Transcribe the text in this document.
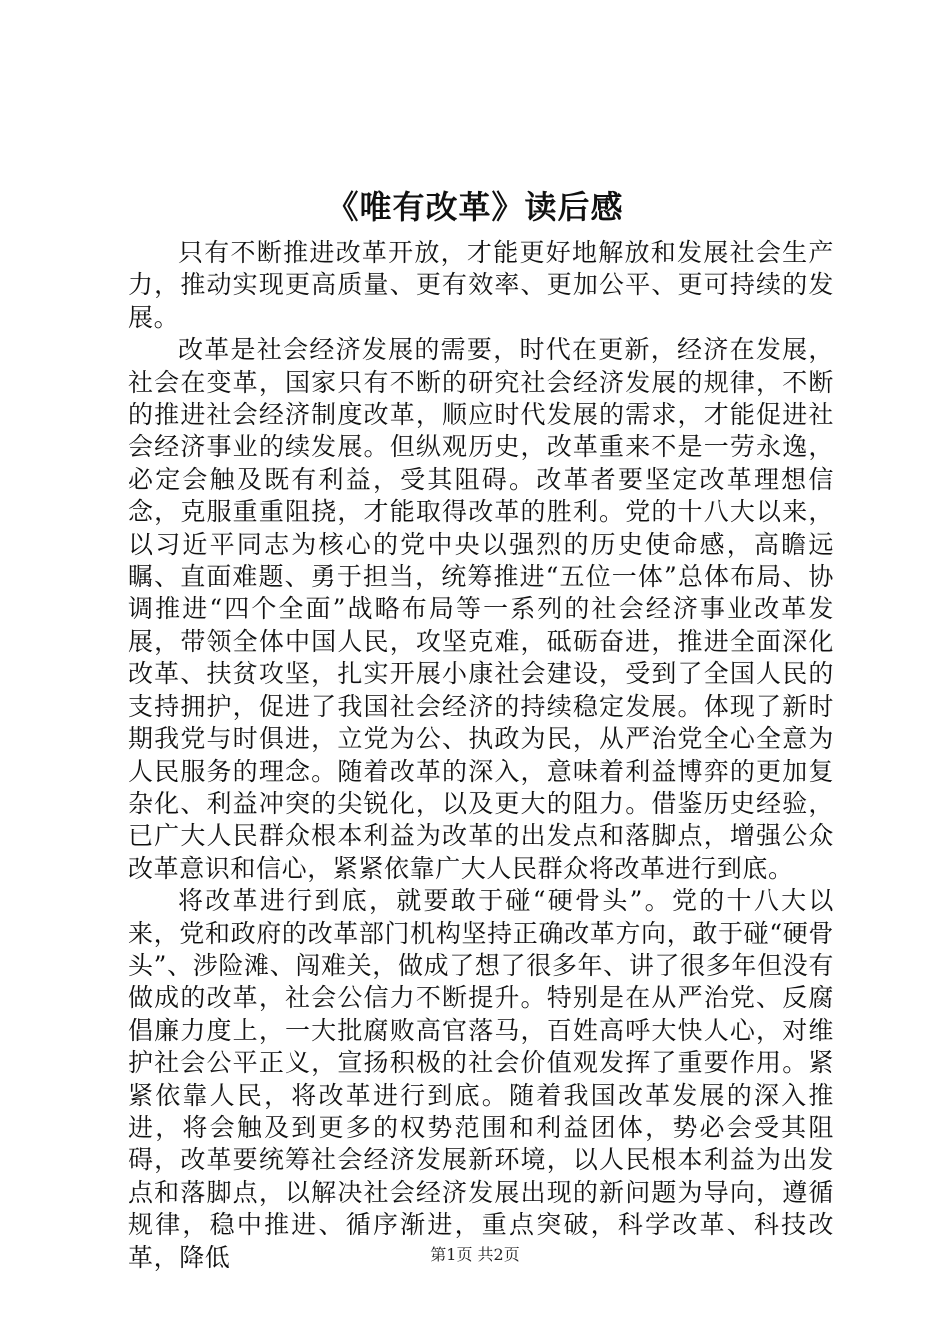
《唯有改革》读后感

只有不断推进改革开放，才能更好地解放和发展社会生产力，推动实现更高质量、更有效率、更加公平、更可持续的发展。

改革是社会经济发展的需要，时代在更新，经济在发展，社会在变革，国家只有不断的研究社会经济发展的规律，不断的推进社会经济制度改革，顺应时代发展的需求，才能促进社会经济事业的续发展。但纵观历史，改革重来不是一劳永逸，必定会触及既有利益，受其阻碍。改革者要坚定改革理想信念，克服重重阻挠，才能取得改革的胜利。党的十八大以来，以习近平同志为核心的党中央以强烈的历史使命感，高瞻远瞩、直面难题、勇于担当，统筹推进“五位一体”总体布局、协调推进“四个全面”战略布局等一系列的社会经济事业改革发展，带领全体中国人民，攻坚克难，砥砺奋进，推进全面深化改革、扶贫攻坚，扎实开展小康社会建设，受到了全国人民的支持拥护，促进了我国社会经济的持续稳定发展。体现了新时期我党与时俱进，立党为公、执政为民，从严治党全心全意为人民服务的理念。随着改革的深入，意味着利益博弈的更加复杂化、利益冲突的尖锐化，以及更大的阻力。借鉴历史经验，已广大人民群众根本利益为改革的出发点和落脚点，增强公众改革意识和信心，紧紧依靠广大人民群众将改革进行到底。

将改革进行到底，就要敢于碰“硬骨头”。党的十八大以来，党和政府的改革部门机构坚持正确改革方向，敢于碰“硬骨头”、涉险滩、闯难关，做成了想了很多年、讲了很多年但没有做成的改革，社会公信力不断提升。特别是在从严治党、反腐倡廉力度上，一大批腐败高官落马，百姓高呼大快人心，对维护社会公平正义，宣扬积极的社会价值观发挥了重要作用。紧紧依靠人民，将改革进行到底。随着我国改革发展的深入推进，将会触及到更多的权势范围和利益团体，势必会受其阻碍，改革要统筹社会经济发展新环境，以人民根本利益为出发点和落脚点，以解决社会经济发展出现的新问题为导向，遵循规律，稳中推进、循序渐进，重点突破，科学改革、科技改革，降低	第1页 共2页
